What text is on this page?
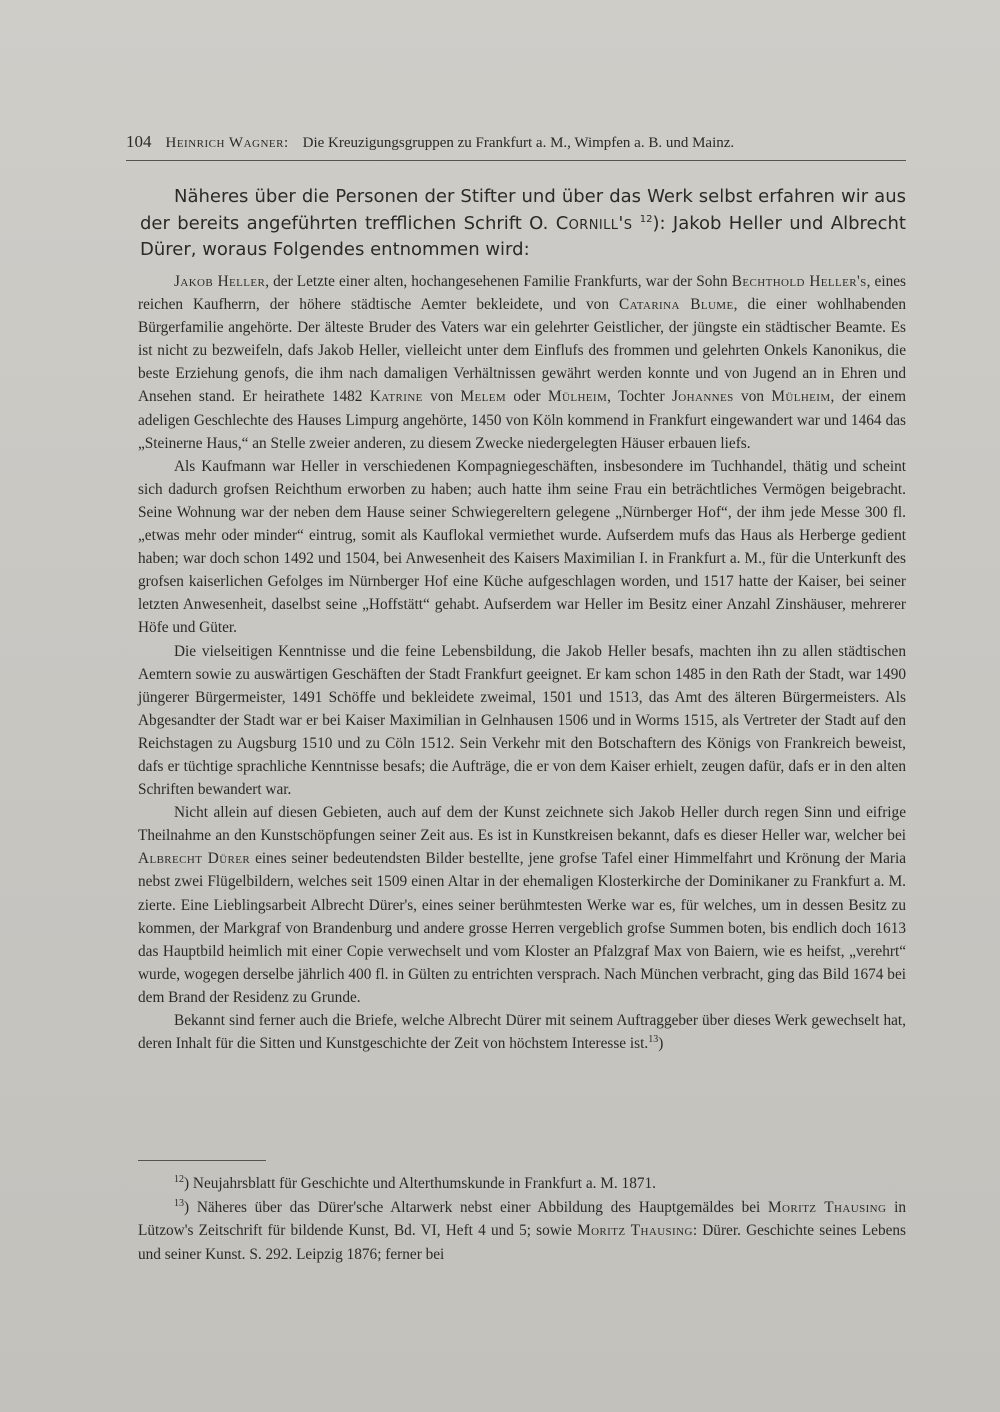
104 Heinrich Wagner: Die Kreuzigungsgruppen zu Frankfurt a. M., Wimpfen a. B. und Mainz.

Näheres über die Personen der Stifter und über das Werk selbst erfahren wir aus der bereits angeführten trefflichen Schrift O. Cornill's $^{12}$): Jakob Heller und Albrecht Dürer, woraus Folgendes entnommen wird:

Jakob Heller, der Letzte einer alten, hochangesehenen Familie Frankfurts, war der Sohn Bechthold Heller's, eines reichen Kaufherrn, der höhere städtische Aemter bekleidete, und von Catarina Blume, die einer wohlhabenden Bürgerfamilie angehörte. Der älteste Bruder des Vaters war ein gelehrter Geistlicher, der jüngste ein städtischer Beamte. Es ist nicht zu bezweifeln, dafs Jakob Heller, vielleicht unter dem Einflufs des frommen und gelehrten Onkels Kanonikus, die beste Erziehung genofs, die ihm nach damaligen Verhältnissen gewährt werden konnte und von Jugend an in Ehren und Ansehen stand. Er heirathete 1482 Katrine von Melem oder Mülheim, Tochter Johannes von Mülheim, der einem adeligen Geschlechte des Hauses Limpurg angehörte, 1450 von Köln kommend in Frankfurt eingewandert war und 1464 das „Steinerne Haus,“ an Stelle zweier anderen, zu diesem Zwecke niedergelegten Häuser erbauen liefs.

Als Kaufmann war Heller in verschiedenen Kompagniegeschäften, insbesondere im Tuchhandel, thätig und scheint sich dadurch grofsen Reichthum erworben zu haben; auch hatte ihm seine Frau ein beträchtliches Vermögen beigebracht. Seine Wohnung war der neben dem Hause seiner Schwiegereltern gelegene „Nürnberger Hof“, der ihm jede Messe 300 fl. „etwas mehr oder minder“ eintrug, somit als Kauflokal vermiethet wurde. Aufserdem mufs das Haus als Herberge gedient haben; war doch schon 1492 und 1504, bei Anwesenheit des Kaisers Maximilian I. in Frankfurt a. M., für die Unterkunft des grofsen kaiserlichen Gefolges im Nürnberger Hof eine Küche aufgeschlagen worden, und 1517 hatte der Kaiser, bei seiner letzten Anwesenheit, daselbst seine „Hoffstätt“ gehabt. Aufserdem war Heller im Besitz einer Anzahl Zinshäuser, mehrerer Höfe und Güter.

Die vielseitigen Kenntnisse und die feine Lebensbildung, die Jakob Heller besafs, machten ihn zu allen städtischen Aemtern sowie zu auswärtigen Geschäften der Stadt Frankfurt geeignet. Er kam schon 1485 in den Rath der Stadt, war 1490 jüngerer Bürgermeister, 1491 Schöffe und bekleidete zweimal, 1501 und 1513, das Amt des älteren Bürgermeisters. Als Abgesandter der Stadt war er bei Kaiser Maximilian in Gelnhausen 1506 und in Worms 1515, als Vertreter der Stadt auf den Reichstagen zu Augsburg 1510 und zu Cöln 1512. Sein Verkehr mit den Botschaftern des Königs von Frankreich beweist, dafs er tüchtige sprachliche Kenntnisse besafs; die Aufträge, die er von dem Kaiser erhielt, zeugen dafür, dafs er in den alten Schriften bewandert war.

Nicht allein auf diesen Gebieten, auch auf dem der Kunst zeichnete sich Jakob Heller durch regen Sinn und eifrige Theilnahme an den Kunstschöpfungen seiner Zeit aus. Es ist in Kunstkreisen bekannt, dafs es dieser Heller war, welcher bei Albrecht Dürer eines seiner bedeutendsten Bilder bestellte, jene grofse Tafel einer Himmelfahrt und Krönung der Maria nebst zwei Flügelbildern, welches seit 1509 einen Altar in der ehemaligen Klosterkirche der Dominikaner zu Frankfurt a. M. zierte. Eine Lieblingsarbeit Albrecht Dürer's, eines seiner berühmtesten Werke war es, für welches, um in dessen Besitz zu kommen, der Markgraf von Brandenburg und andere grosse Herren vergeblich grofse Summen boten, bis endlich doch 1613 das Hauptbild heimlich mit einer Copie verwechselt und vom Kloster an Pfalzgraf Max von Baiern, wie es heifst, „verehrt“ wurde, wogegen derselbe jährlich 400 fl. in Gülten zu entrichten versprach. Nach München verbracht, ging das Bild 1674 bei dem Brand der Residenz zu Grunde.

Bekannt sind ferner auch die Briefe, welche Albrecht Dürer mit seinem Auftraggeber über dieses Werk gewechselt hat, deren Inhalt für die Sitten und Kunstgeschichte der Zeit von höchstem Interesse ist.$^{13}$)

$^{12}$) Neujahrsblatt für Geschichte und Alterthumskunde in Frankfurt a. M. 1871.

$^{13}$) Näheres über das Dürer'sche Altarwerk nebst einer Abbildung des Hauptgemäldes bei Moritz Thausing in Lützow's Zeitschrift für bildende Kunst, Bd. VI, Heft 4 und 5; sowie Moritz Thausing: Dürer. Geschichte seines Lebens und seiner Kunst. S. 292. Leipzig 1876; ferner bei
